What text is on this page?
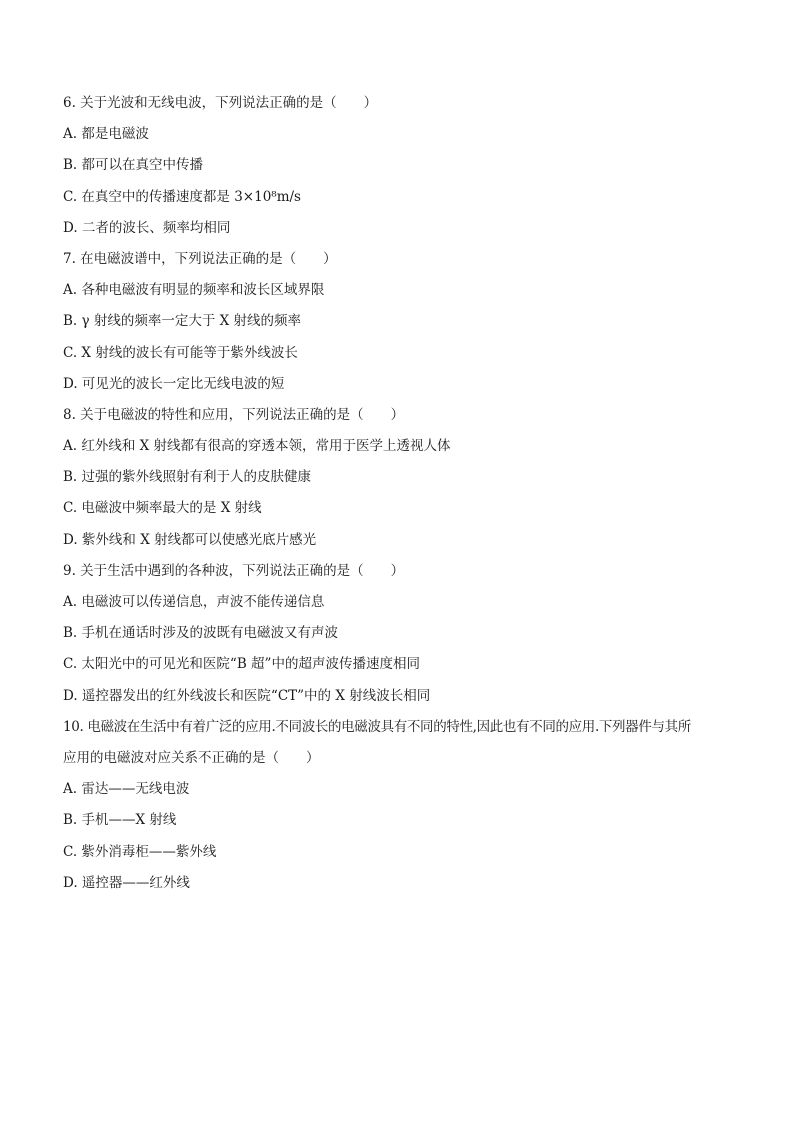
6. 关于光波和无线电波，下列说法正确的是（　　）
A. 都是电磁波
B. 都可以在真空中传播
C. 在真空中的传播速度都是 3×10⁸m/s
D. 二者的波长、频率均相同
7. 在电磁波谱中，下列说法正确的是（　　）
A. 各种电磁波有明显的频率和波长区域界限
B. γ 射线的频率一定大于 X 射线的频率
C. X 射线的波长有可能等于紫外线波长
D. 可见光的波长一定比无线电波的短
8. 关于电磁波的特性和应用，下列说法正确的是（　　）
A. 红外线和 X 射线都有很高的穿透本领，常用于医学上透视人体
B. 过强的紫外线照射有利于人的皮肤健康
C. 电磁波中频率最大的是 X 射线
D. 紫外线和 X 射线都可以使感光底片感光
9. 关于生活中遇到的各种波，下列说法正确的是（　　）
A. 电磁波可以传递信息，声波不能传递信息
B. 手机在通话时涉及的波既有电磁波又有声波
C. 太阳光中的可见光和医院“B 超”中的超声波传播速度相同
D. 遥控器发出的红外线波长和医院“CT”中的 X 射线波长相同
10. 电磁波在生活中有着广泛的应用.不同波长的电磁波具有不同的特性,因此也有不同的应用.下列器件与其所
应用的电磁波对应关系不正确的是（　　）
A. 雷达——无线电波
B. 手机——X 射线
C. 紫外消毒柜——紫外线
D. 遥控器——红外线
